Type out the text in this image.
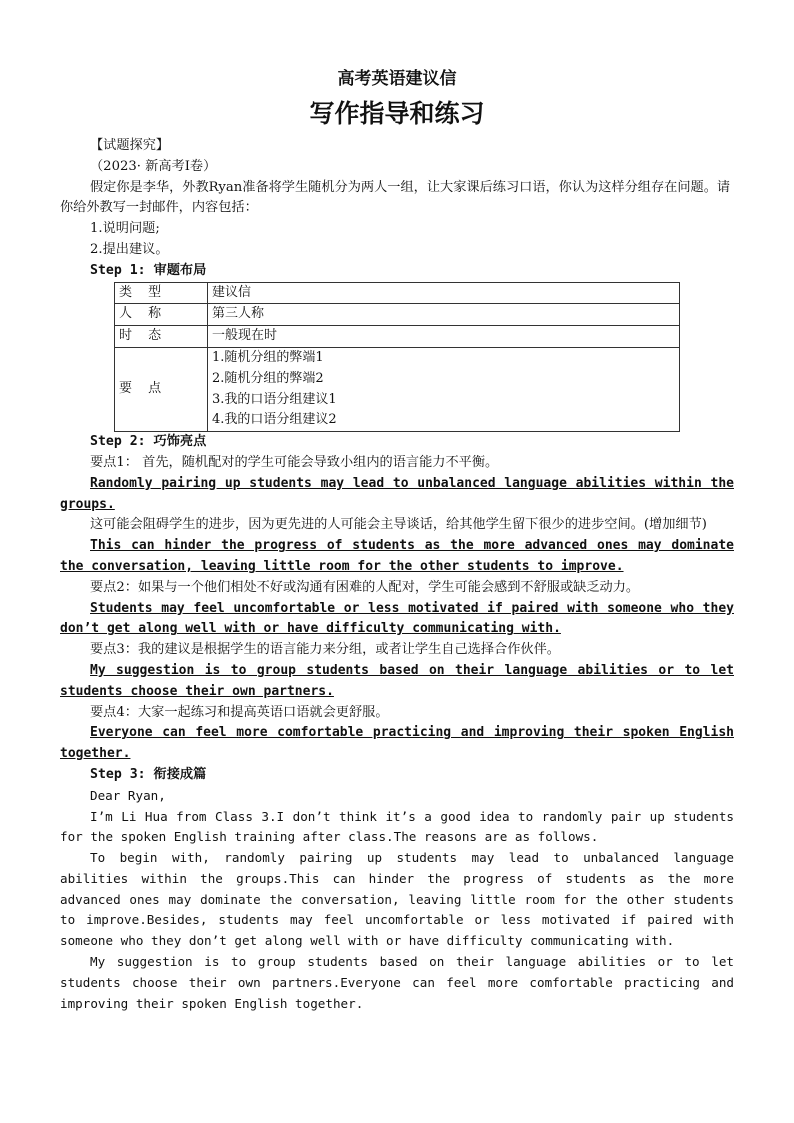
高考英语建议信

写作指导和练习

【试题探究】

（2023· 新高考Ⅰ卷）

假定你是李华，外教Ryan准备将学生随机分为两人一组，让大家课后练习口语，你认为这样分组存在问题。请你给外教写一封邮件，内容包括：

1.说明问题;

2.提出建议。

Step 1: 审题布局

类 型	建议信
人 称	第三人称
时 态	一般现在时
要 点	1.随机分组的弊端1
2.随机分组的弊端2
3.我的口语分组建议1
4.我的口语分组建议2

Step 2: 巧饰亮点

要点1： 首先，随机配对的学生可能会导致小组内的语言能力不平衡。

Randomly pairing up students may lead to unbalanced language abilities within the groups.

这可能会阻碍学生的进步，因为更先进的人可能会主导谈话，给其他学生留下很少的进步空间。(增加细节)

This can hinder the progress of students as the more advanced ones may dominate the conversation, leaving little room for the other students to improve.

要点2：如果与一个他们相处不好或沟通有困难的人配对，学生可能会感到不舒服或缺乏动力。

Students may feel uncomfortable or less motivated if paired with someone who they don’t get along well with or have difficulty communicating with.

要点3：我的建议是根据学生的语言能力来分组，或者让学生自己选择合作伙伴。

My suggestion is to group students based on their language abilities or to let students choose their own partners.

要点4：大家一起练习和提高英语口语就会更舒服。

Everyone can feel more comfortable practicing and improving their spoken English together.

Step 3: 衔接成篇

Dear Ryan,

I’m Li Hua from Class 3.I don’t think it’s a good idea to randomly pair up students for the spoken English training after class.The reasons are as follows.

To begin with, randomly pairing up students may lead to unbalanced language abilities within the groups.This can hinder the progress of students as the more advanced ones may dominate the conversation, leaving little room for the other students to improve.Besides, students may feel uncomfortable or less motivated if paired with someone who they don’t get along well with or have difficulty communicating with.

My suggestion is to group students based on their language abilities or to let students choose their own partners.Everyone can feel more comfortable practicing and improving their spoken English together.
